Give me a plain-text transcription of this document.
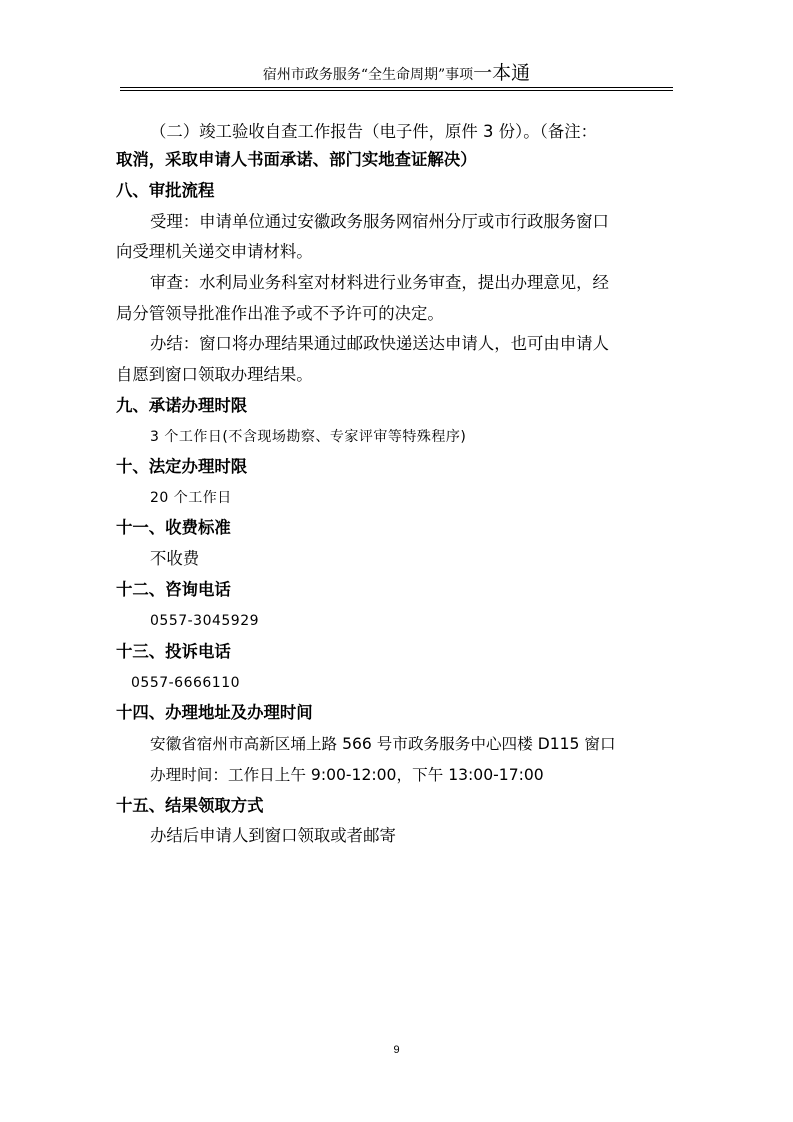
宿州市政务服务“全生命周期”事项一本通
（二）竣工验收自查工作报告（电子件，原件 3 份）。（备注：
取消，采取申请人书面承诺、部门实地查证解决）
八、审批流程
受理：申请单位通过安徽政务服务网宿州分厅或市行政服务窗口
向受理机关递交申请材料。
审查：水利局业务科室对材料进行业务审查，提出办理意见，经
局分管领导批准作出准予或不予许可的决定。
办结：窗口将办理结果通过邮政快递送达申请人，也可由申请人
自愿到窗口领取办理结果。
九、承诺办理时限
3 个工作日(不含现场勘察、专家评审等特殊程序)
十、法定办理时限
20 个工作日
十一、收费标准
不收费
十二、咨询电话
0557-3045929
十三、投诉电话
0557-6666110
十四、办理地址及办理时间
安徽省宿州市高新区埇上路 566 号市政务服务中心四楼 D115 窗口
办理时间：工作日上午 9:00-12:00，下午 13:00-17:00
十五、结果领取方式
办结后申请人到窗口领取或者邮寄
9
